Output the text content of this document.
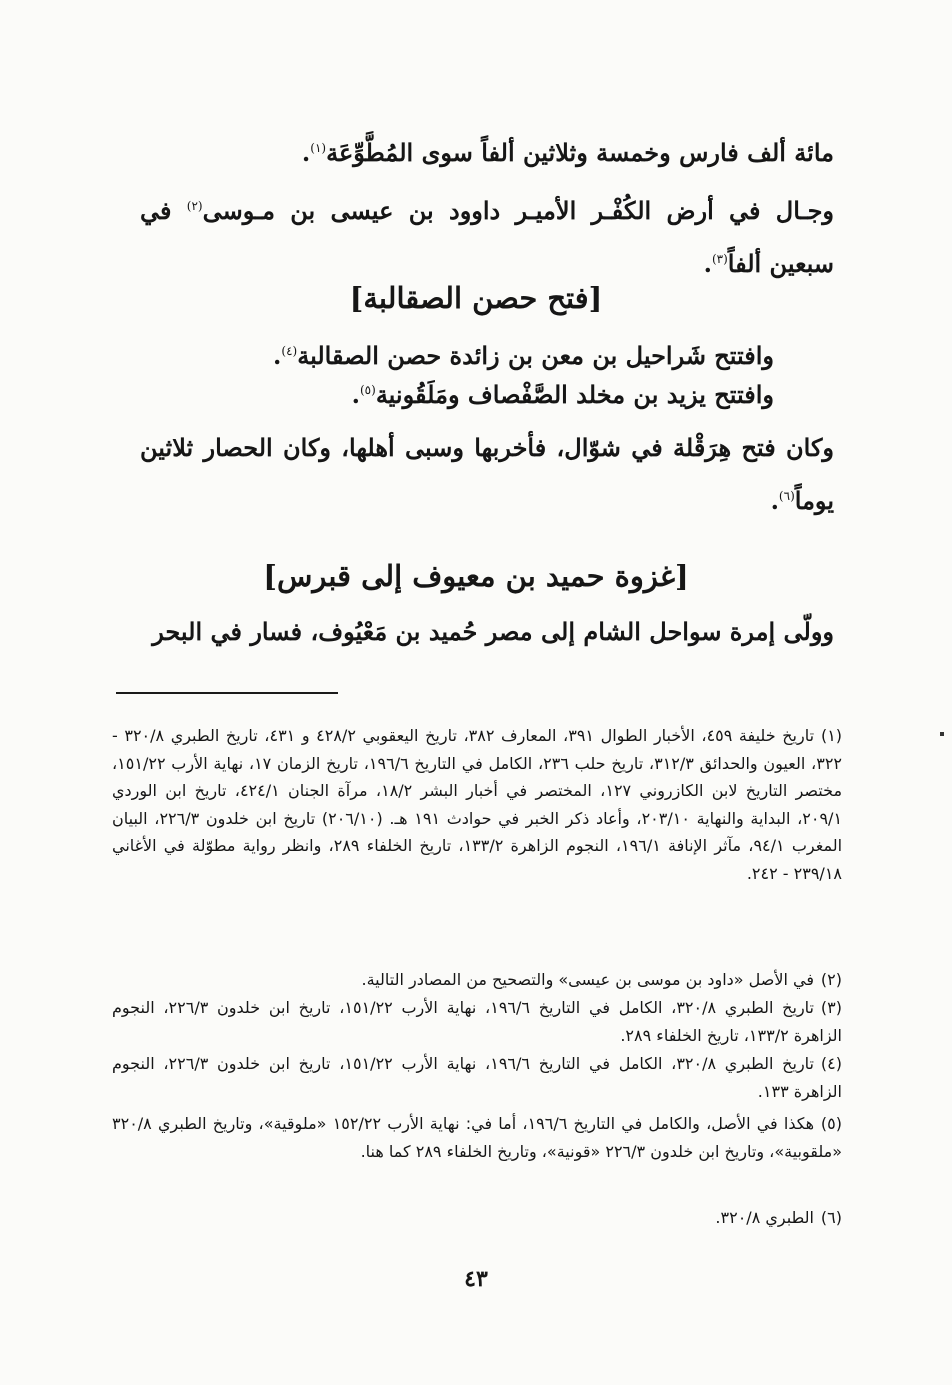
مائة ألف فارس وخمسة وثلاثين ألفاً سوى المُطَّوِّعَة$^{(١)}$.

وجـال في أرض الكُفْـر الأميـر داوود بن عيسى بن مـوسى$^{(٢)}$ في سبعين ألفاً$^{(٣)}$.

[فتح حصن الصقالبة]

وافتتح شَراحيل بن معن بن زائدة حصن الصقالبة$^{(٤)}$.

وافتتح يزيد بن مخلد الصَّفْصاف ومَلَقُونية$^{(٥)}$.

وكان فتح هِرَقْلة في شوّال، فأخربها وسبى أهلها، وكان الحصار ثلاثين يوماً$^{(٦)}$.

[غزوة حميد بن معيوف إلى قبرس]

وولّى إمرة سواحل الشام إلى مصر حُميد بن مَعْيُوف، فسار في البحر

(١)تاريخ خليفة ٤٥٩، الأخبار الطوال ٣٩١، المعارف ٣٨٢، تاريخ اليعقوبي ٤٢٨/٢ و ٤٣١، تاريخ الطبري ٣٢٠/٨ - ٣٢٢، العيون والحدائق ٣١٢/٣، تاريخ حلب ٢٣٦، الكامل في التاريخ ١٩٦/٦، تاريخ الزمان ١٧، نهاية الأرب ١٥١/٢٢، مختصر التاريخ لابن الكازروني ١٢٧، المختصر في أخبار البشر ١٨/٢، مرآة الجنان ٤٢٤/١، تاريخ ابن الوردي ٢٠٩/١، البداية والنهاية ٢٠٣/١٠، وأعاد ذكر الخبر في حوادث ١٩١ هـ. (٢٠٦/١٠) تاريخ ابن خلدون ٢٢٦/٣، البيان المغرب ٩٤/١، مآثر الإنافة ١٩٦/١، النجوم الزاهرة ١٣٣/٢، تاريخ الخلفاء ٢٨٩، وانظر رواية مطوّلة في الأغاني ٢٣٩/١٨ - ٢٤٢.
(٢)في الأصل «داود بن موسى بن عيسى» والتصحيح من المصادر التالية.
(٣)تاريخ الطبري ٣٢٠/٨، الكامل في التاريخ ١٩٦/٦، نهاية الأرب ١٥١/٢٢، تاريخ ابن خلدون ٢٢٦/٣، النجوم الزاهرة ١٣٣/٢، تاريخ الخلفاء ٢٨٩.
(٤)تاريخ الطبري ٣٢٠/٨، الكامل في التاريخ ١٩٦/٦، نهاية الأرب ١٥١/٢٢، تاريخ ابن خلدون ٢٢٦/٣، النجوم الزاهرة ١٣٣.
(٥)هكذا في الأصل، والكامل في التاريخ ١٩٦/٦، أما في: نهاية الأرب ١٥٢/٢٢ «ملوقية»، وتاريخ الطبري ٣٢٠/٨ «ملقوبية»، وتاريخ ابن خلدون ٢٢٦/٣ «قونية»، وتاريخ الخلفاء ٢٨٩ كما هنا.
(٦)الطبري ٣٢٠/٨.
٤٣
